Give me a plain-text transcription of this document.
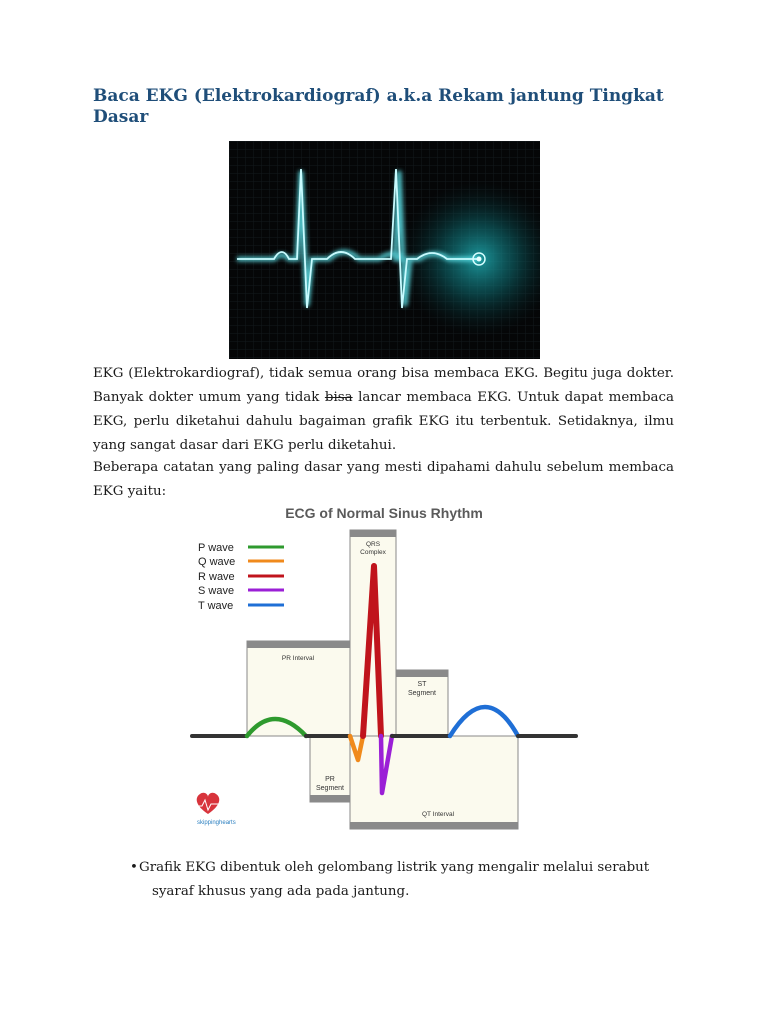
Baca EKG (Elektrokardiograf) a.k.a Rekam jantung Tingkat Dasar
EKG (Elektrokardiograf), tidak semua orang bisa membaca EKG. Begitu juga dokter. Banyak dokter umum yang tidak bisa lancar membaca EKG. Untuk dapat membaca EKG, perlu diketahui dahulu bagaiman grafik EKG itu terbentuk. Setidaknya, ilmu yang sangat dasar dari EKG perlu diketahui.
Beberapa catatan yang paling dasar yang mesti dipahami dahulu sebelum membaca EKG yaitu:
ECG of Normal Sinus Rhythm
P wave
Q wave
R wave
S wave
T wave
PR Interval
QRS
Complex
ST
Segment
PR
Segment
QT Interval
skippinghearts
• Grafik EKG dibentuk oleh gelombang listrik yang mengalir melalui serabut
syaraf khusus yang ada pada jantung.
